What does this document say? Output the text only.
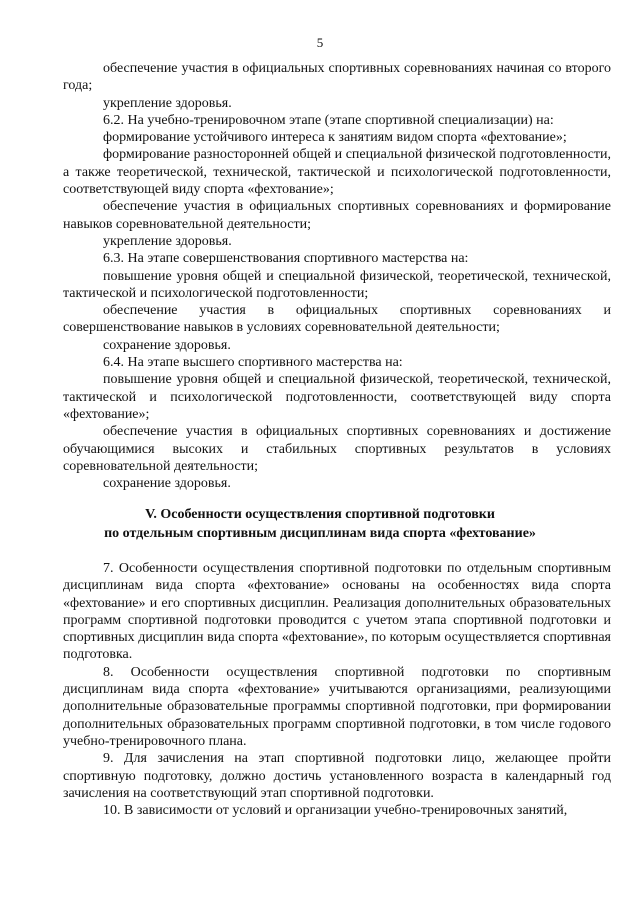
5

обеспечение участия в официальных спортивных соревнованиях начиная со второго года;

укрепление здоровья.

6.2. На учебно-тренировочном этапе (этапе спортивной специализации) на:

формирование устойчивого интереса к занятиям видом спорта «фехтование»;

формирование разносторонней общей и специальной физической подготовленности, а также теоретической, технической, тактической и психологической подготовленности, соответствующей виду спорта «фехтование»;

обеспечение участия в официальных спортивных соревнованиях и формирование навыков соревновательной деятельности;

укрепление здоровья.

6.3. На этапе совершенствования спортивного мастерства на:

повышение уровня общей и специальной физической, теоретической, технической, тактической и психологической подготовленности;

обеспечение участия в официальных спортивных соревнованиях и совершенствование навыков в условиях соревновательной деятельности;

сохранение здоровья.

6.4. На этапе высшего спортивного мастерства на:

повышение уровня общей и специальной физической, теоретической, технической, тактической и психологической подготовленности, соответствующей виду спорта «фехтование»;

обеспечение участия в официальных спортивных соревнованиях и достижение обучающимися высоких и стабильных спортивных результатов в условиях соревновательной деятельности;

сохранение здоровья.

V. Особенности осуществления спортивной подготовки
по отдельным спортивным дисциплинам вида спорта «фехтование»

7. Особенности осуществления спортивной подготовки по отдельным спортивным дисциплинам вида спорта «фехтование» основаны на особенностях вида спорта «фехтование» и его спортивных дисциплин. Реализация дополнительных образовательных программ спортивной подготовки проводится с учетом этапа спортивной подготовки и спортивных дисциплин вида спорта «фехтование», по которым осуществляется спортивная подготовка.

8. Особенности осуществления спортивной подготовки по спортивным дисциплинам вида спорта «фехтование» учитываются организациями, реализующими дополнительные образовательные программы спортивной подготовки, при формировании дополнительных образовательных программ спортивной подготовки, в том числе годового учебно-тренировочного плана.

9. Для зачисления на этап спортивной подготовки лицо, желающее пройти спортивную подготовку, должно достичь установленного возраста в календарный год зачисления на соответствующий этап спортивной подготовки.

10. В зависимости от условий и организации учебно-тренировочных занятий,
